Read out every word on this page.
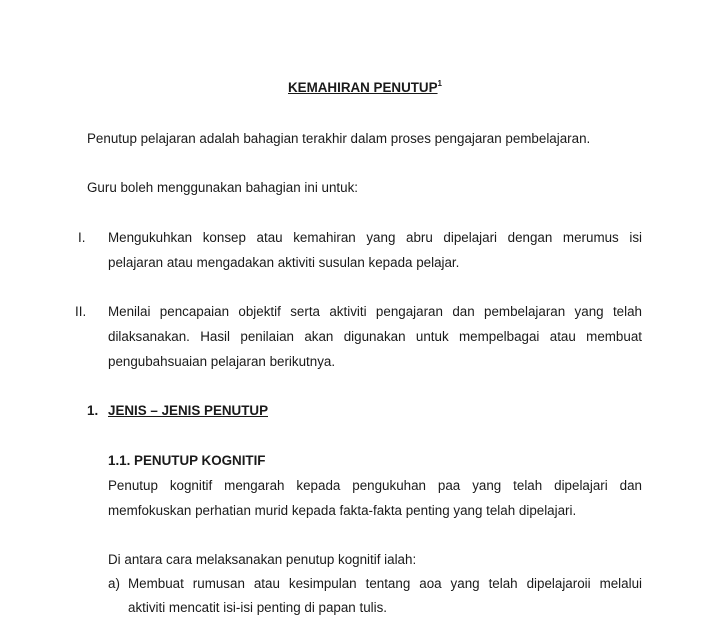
KEMAHIRAN PENUTUP$^1$
Penutup pelajaran adalah bahagian terakhir dalam proses pengajaran pembelajaran.
Guru boleh menggunakan bahagian ini untuk:
I. Mengukuhkan konsep atau kemahiran yang abru dipelajari dengan merumus isi
pelajaran atau mengadakan aktiviti susulan kepada pelajar.
II. Menilai pencapaian objektif serta aktiviti pengajaran dan pembelajaran yang telah
dilaksanakan. Hasil penilaian akan digunakan untuk mempelbagai atau membuat
pengubahsuaian pelajaran berikutnya.
1. JENIS – JENIS PENUTUP
1.1. PENUTUP KOGNITIF
Penutup kognitif mengarah kepada pengukuhan paa yang telah dipelajari dan
memfokuskan perhatian murid kepada fakta-fakta penting yang telah dipelajari.
Di antara cara melaksanakan penutup kognitif ialah:
a) Membuat rumusan atau kesimpulan tentang aoa yang telah dipelajaroii melalui
aktiviti mencatit isi-isi penting di papan tulis.
